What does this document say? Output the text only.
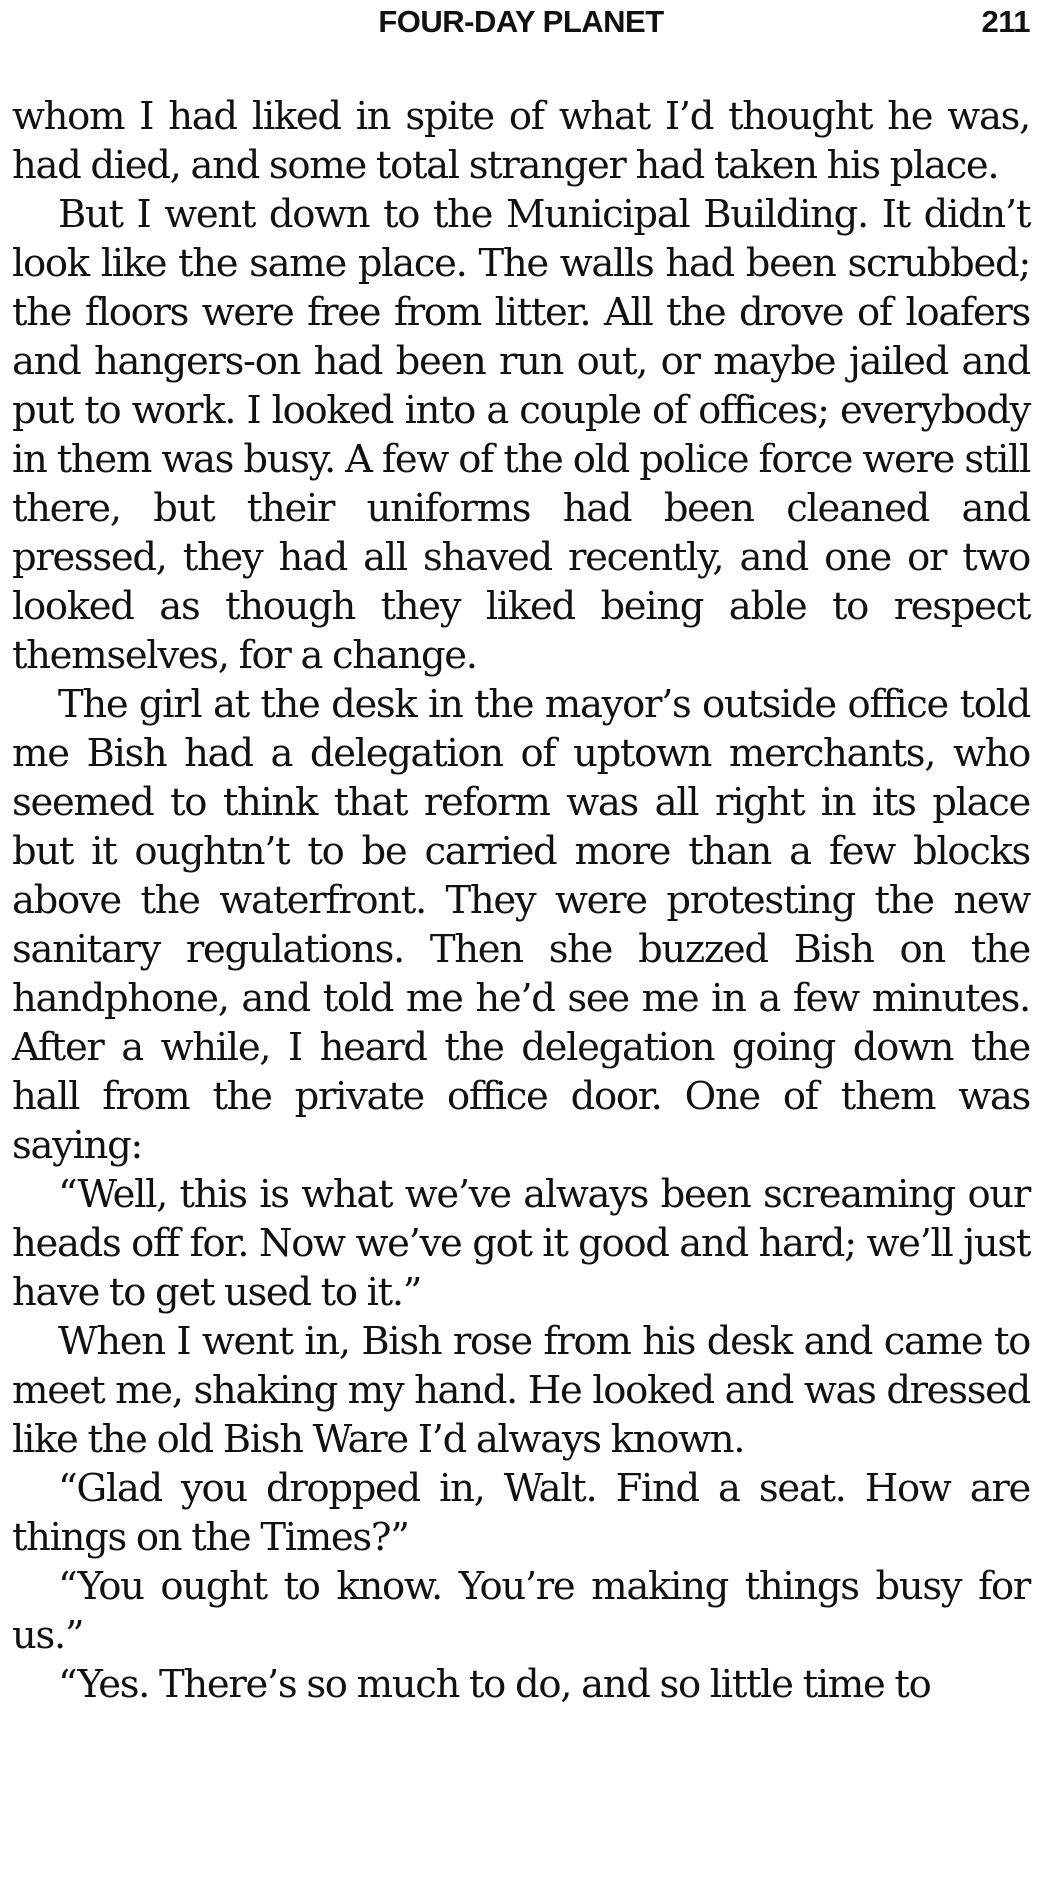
FOUR-DAY PLANET	211

whom I had liked in spite of what I’d thought he was, had died, and some total stranger had taken his place.

But I went down to the Municipal Building. It didn’t look like the same place. The walls had been scrubbed; the floors were free from litter. All the drove of loafers and hangers-on had been run out, or maybe jailed and put to work. I looked into a couple of offices; everybody in them was busy. A few of the old police force were still there, but their uniforms had been cleaned and pressed, they had all shaved recently, and one or two looked as though they liked being able to respect themselves, for a change.

The girl at the desk in the mayor’s outside office told me Bish had a delegation of uptown merchants, who seemed to think that reform was all right in its place but it oughtn’t to be carried more than a few blocks above the waterfront. They were protesting the new sanitary regulations. Then she buzzed Bish on the handphone, and told me he’d see me in a few minutes. After a while, I heard the delegation going down the hall from the private office door. One of them was saying:

“Well, this is what we’ve always been screaming our heads off for. Now we’ve got it good and hard; we’ll just have to get used to it.”

When I went in, Bish rose from his desk and came to meet me, shaking my hand. He looked and was dressed like the old Bish Ware I’d always known.

“Glad you dropped in, Walt. Find a seat. How are things on the Times?”

“You ought to know. You’re making things busy for us.”

“Yes. There’s so much to do, and so little time to
